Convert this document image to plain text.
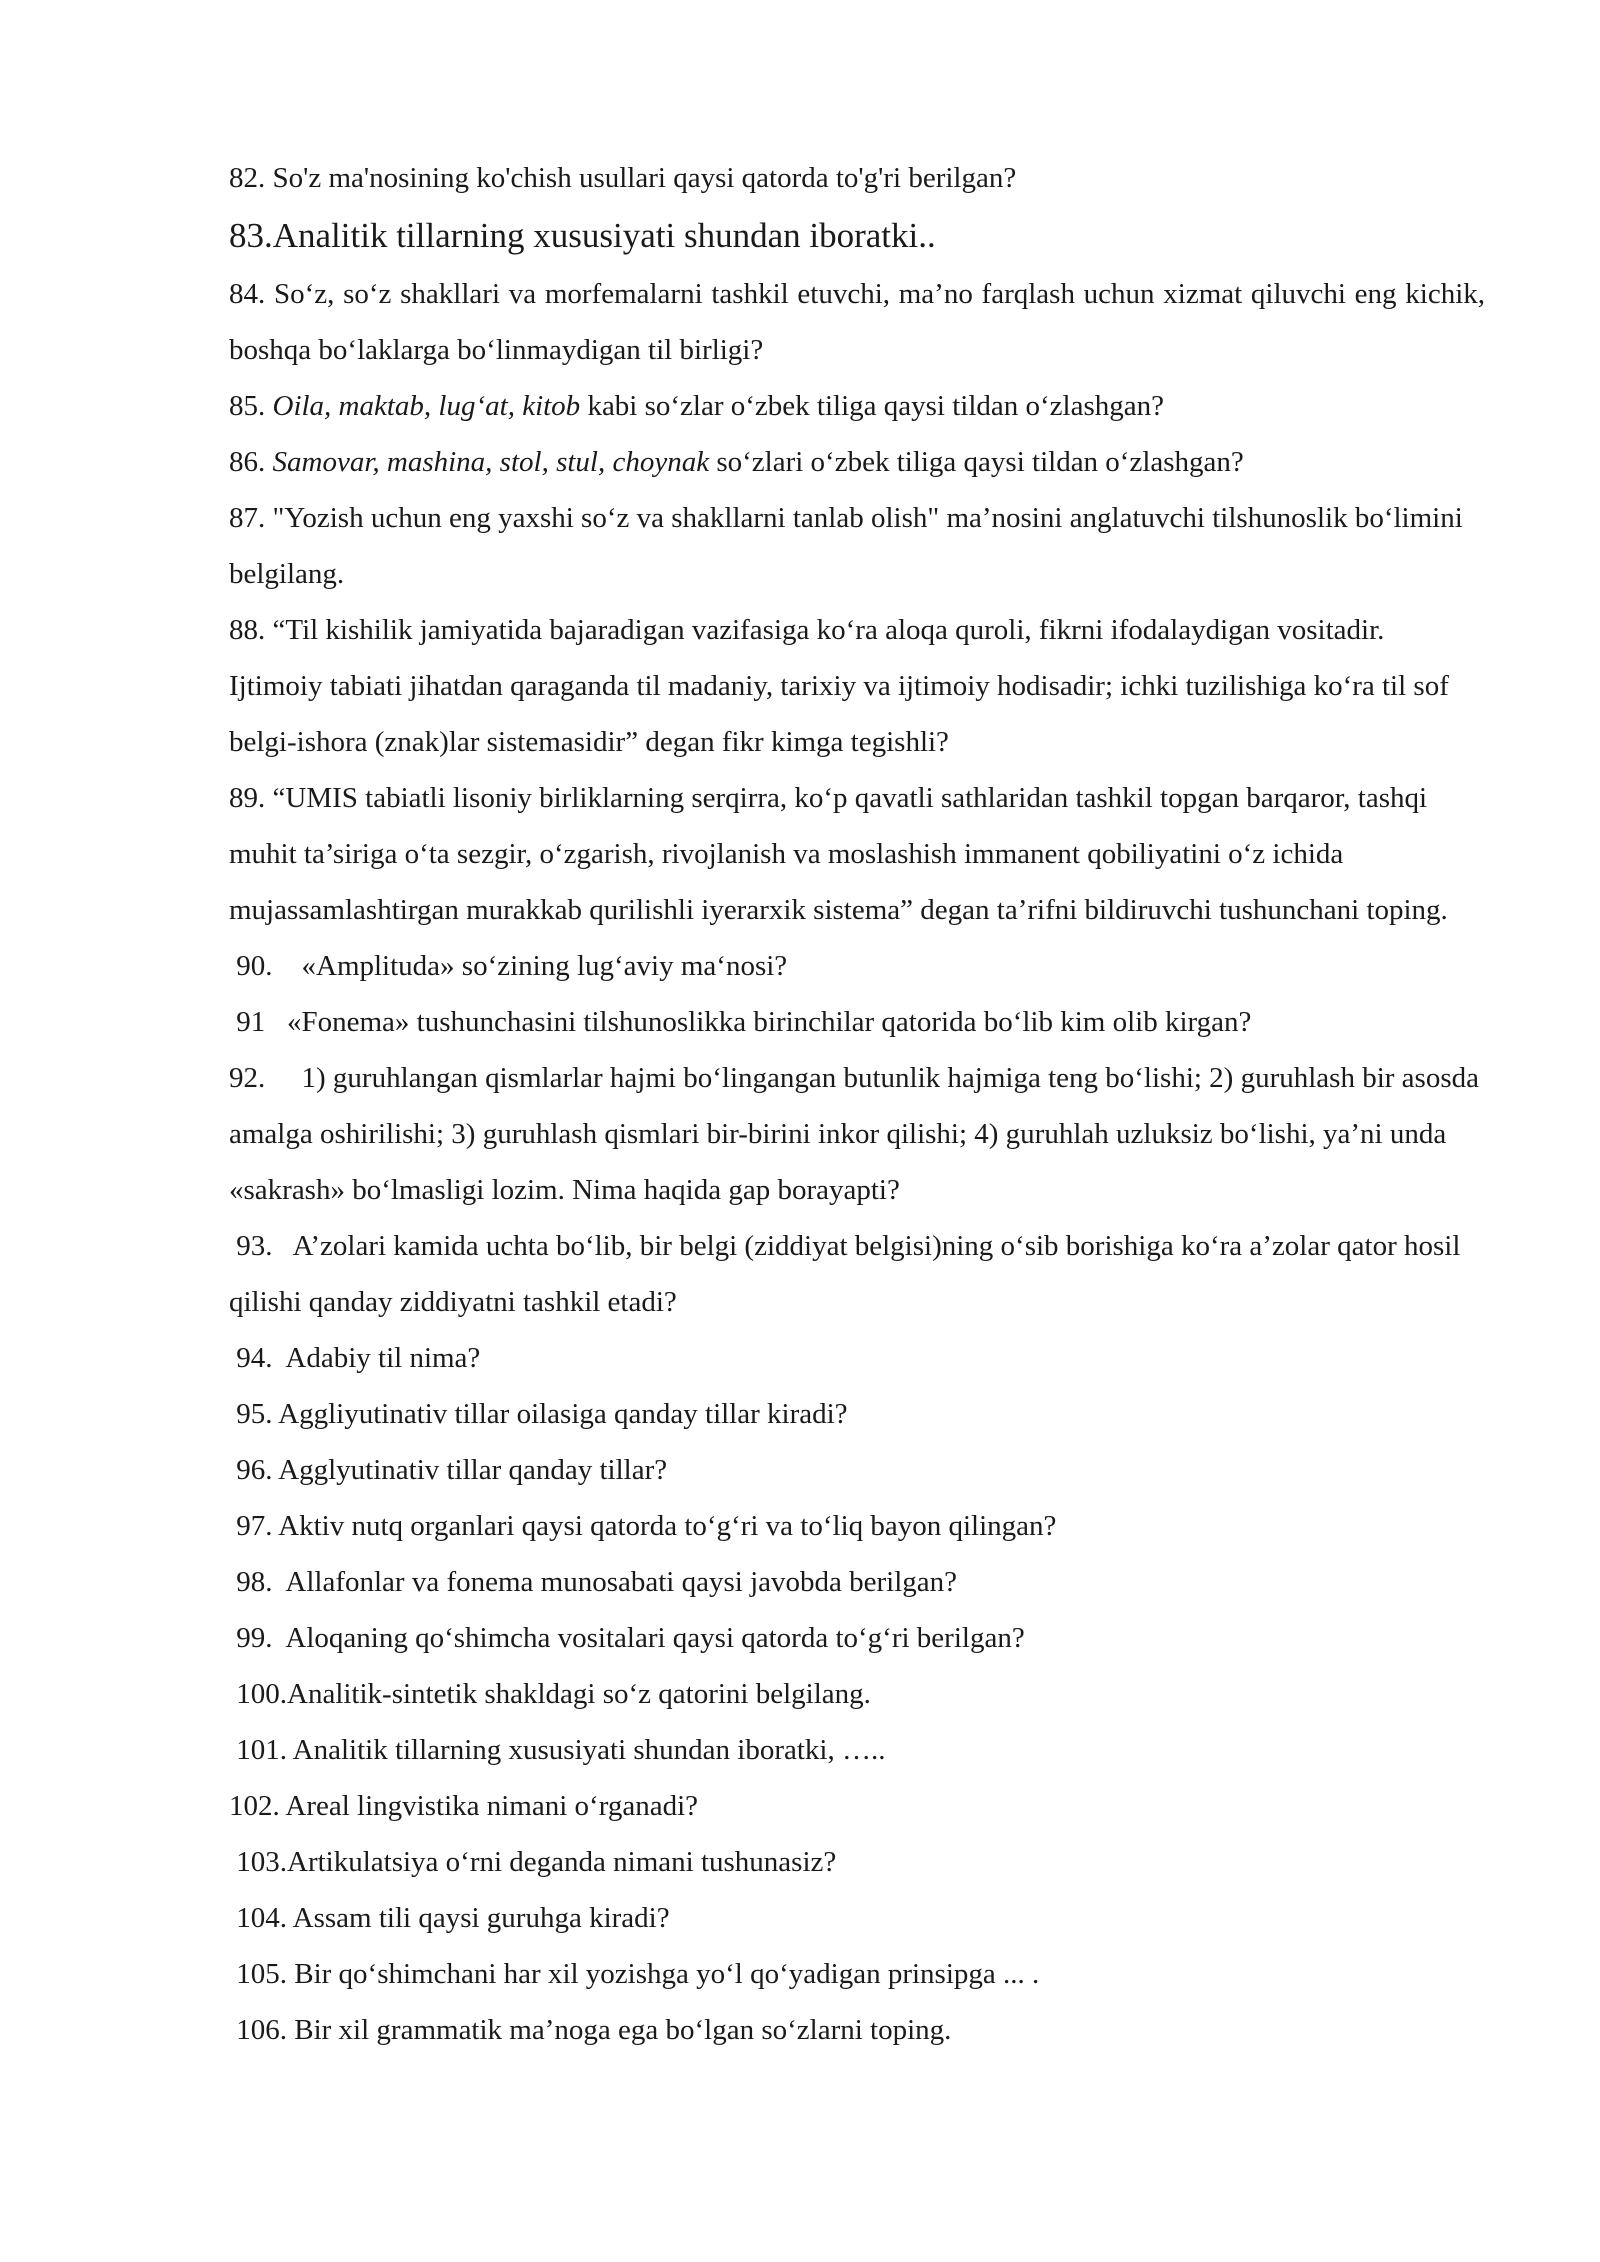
82. So'z ma'nosining ko'chish usullari qaysi qatorda to'g'ri berilgan?

83.Analitik tillarning xususiyati shundan iboratki..

84. So‘z, so‘z shakllari va morfemalarni tashkil etuvchi, ma’no farqlash uchun xizmat qiluvchi eng kichik, boshqa bo‘laklarga bo‘linmaydigan til birligi?

85. Oila, maktab, lug‘at, kitob kabi so‘zlar o‘zbek tiliga qaysi tildan o‘zlashgan?

86. Samovar, mashina, stol, stul, choynak so‘zlari o‘zbek tiliga qaysi tildan o‘zlashgan?

87. "Yozish uchun eng yaxshi so‘z va shakllarni tanlab olish" ma’nosini anglatuvchi tilshunoslik bo‘limini belgilang.

88. “Til kishilik jamiyatida bajaradigan vazifasiga ko‘ra aloqa quroli, fikrni ifodalaydigan vositadir. Ijtimoiy tabiati jihatdan qaraganda til madaniy, tarixiy va ijtimoiy hodisadir; ichki tuzilishiga ko‘ra til sof belgi-ishora (znak)lar sistemasidir” degan fikr kimga tegishli?

89. “UMIS tabiatli lisoniy birliklarning serqirra, ko‘p qavatli sathlaridan tashkil topgan barqaror, tashqi muhit ta’siriga o‘ta sezgir, o‘zgarish, rivojlanish va moslashish immanent qobiliyatini o‘z ichida mujassamlashtirgan murakkab qurilishli iyerarxik sistema” degan ta’rifni bildiruvchi tushunchani toping.

90.    «Amplituda» so‘zining lug‘aviy ma‘nosi?

91   «Fonema» tushunchasini tilshunoslikka birinchilar qatorida bo‘lib kim olib kirgan?

92.     1) guruhlangan qismlarlar hajmi bo‘lingangan butunlik hajmiga teng bo‘lishi; 2) guruhlash bir asosda amalga oshirilishi; 3) guruhlash qismlari bir-birini inkor qilishi; 4) guruhlah uzluksiz bo‘lishi, ya’ni unda «sakrash» bo‘lmasligi lozim. Nima haqida gap borayapti?

93.   A’zolari kamida uchta bo‘lib, bir belgi (ziddiyat belgisi)ning o‘sib borishiga ko‘ra a’zolar qator hosil qilishi qanday ziddiyatni tashkil etadi?

94.  Adabiy til nima?

95. Aggliyutinativ tillar oilasiga qanday tillar kiradi?

96. Agglyutinativ tillar qanday tillar?

97. Aktiv nutq organlari qaysi qatorda to‘g‘ri va to‘liq bayon qilingan?

98.  Allafonlar va fonema munosabati qaysi javobda berilgan?

99.  Aloqaning qo‘shimcha vositalari qaysi qatorda to‘g‘ri berilgan?

100.Analitik-sintetik shakldagi so‘z qatorini belgilang.

101. Analitik tillarning xususiyati shundan iboratki, …..

102. Areal lingvistika nimani o‘rganadi?

103.Artikulatsiya o‘rni deganda nimani tushunasiz?

104. Assam tili qaysi guruhga kiradi?

105. Bir qo‘shimchani har xil yozishga yo‘l qo‘yadigan prinsipga ... .

106. Bir xil grammatik ma’noga ega bo‘lgan so‘zlarni toping.
